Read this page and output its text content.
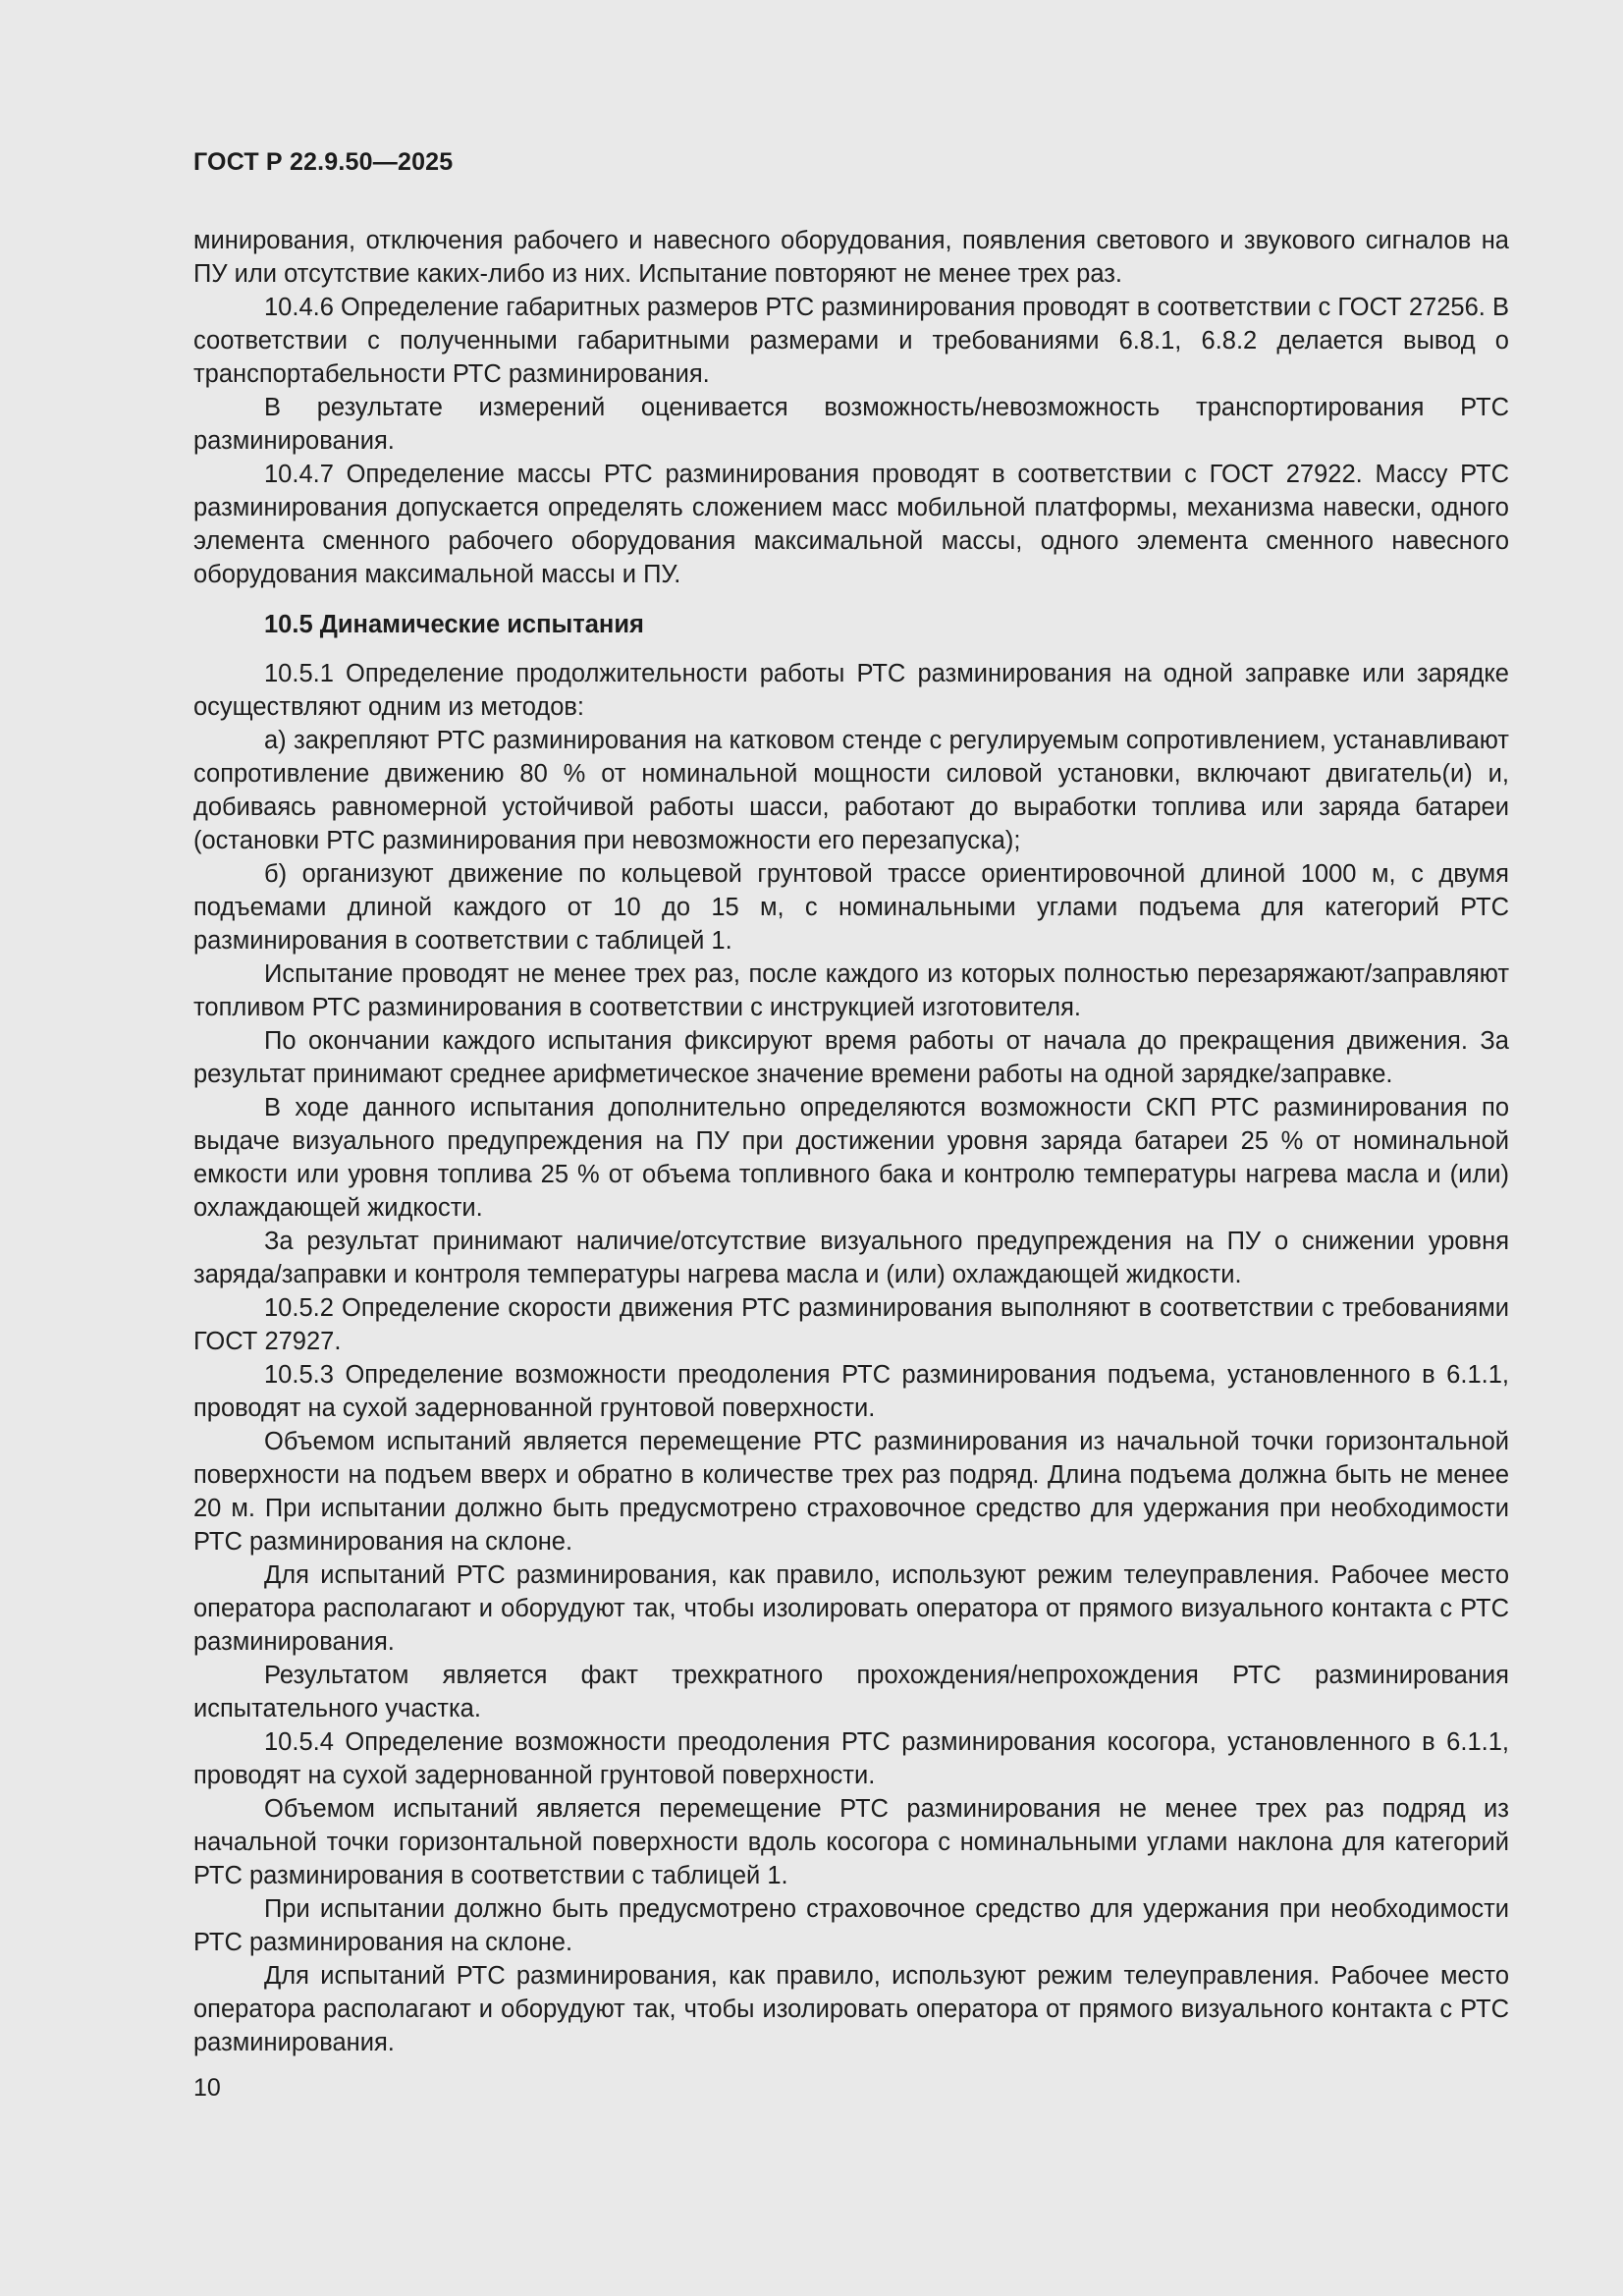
ГОСТ Р 22.9.50—2025

минирования, отключения рабочего и навесного оборудования, появления светового и звукового сигналов на ПУ или отсутствие каких-либо из них. Испытание повторяют не менее трех раз.

10.4.6 Определение габаритных размеров РТС разминирования проводят в соответствии с ГОСТ 27256. В соответствии с полученными габаритными размерами и требованиями 6.8.1, 6.8.2 делается вывод о транспортабельности РТС разминирования.

В результате измерений оценивается возможность/невозможность транспортирования РТС разминирования.

10.4.7 Определение массы РТС разминирования проводят в соответствии с ГОСТ 27922. Массу РТС разминирования допускается определять сложением масс мобильной платформы, механизма навески, одного элемента сменного рабочего оборудования максимальной массы, одного элемента сменного навесного оборудования максимальной массы и ПУ.

10.5 Динамические испытания

10.5.1 Определение продолжительности работы РТС разминирования на одной заправке или зарядке осуществляют одним из методов:

а) закрепляют РТС разминирования на катковом стенде с регулируемым сопротивлением, устанавливают сопротивление движению 80 % от номинальной мощности силовой установки, включают двигатель(и) и, добиваясь равномерной устойчивой работы шасси, работают до выработки топлива или заряда батареи (остановки РТС разминирования при невозможности его перезапуска);

б) организуют движение по кольцевой грунтовой трассе ориентировочной длиной 1000 м, с двумя подъемами длиной каждого от 10 до 15 м, с номинальными углами подъема для категорий РТС разминирования в соответствии с таблицей 1.

Испытание проводят не менее трех раз, после каждого из которых полностью перезаряжают/заправляют топливом РТС разминирования в соответствии с инструкцией изготовителя.

По окончании каждого испытания фиксируют время работы от начала до прекращения движения. За результат принимают среднее арифметическое значение времени работы на одной зарядке/заправке.

В ходе данного испытания дополнительно определяются возможности СКП РТС разминирования по выдаче визуального предупреждения на ПУ при достижении уровня заряда батареи 25 % от номинальной емкости или уровня топлива 25 % от объема топливного бака и контролю температуры нагрева масла и (или) охлаждающей жидкости.

За результат принимают наличие/отсутствие визуального предупреждения на ПУ о снижении уровня заряда/заправки и контроля температуры нагрева масла и (или) охлаждающей жидкости.

10.5.2 Определение скорости движения РТС разминирования выполняют в соответствии с требованиями ГОСТ 27927.

10.5.3 Определение возможности преодоления РТС разминирования подъема, установленного в 6.1.1, проводят на сухой задернованной грунтовой поверхности.

Объемом испытаний является перемещение РТС разминирования из начальной точки горизонтальной поверхности на подъем вверх и обратно в количестве трех раз подряд. Длина подъема должна быть не менее 20 м. При испытании должно быть предусмотрено страховочное средство для удержания при необходимости РТС разминирования на склоне.

Для испытаний РТС разминирования, как правило, используют режим телеуправления. Рабочее место оператора располагают и оборудуют так, чтобы изолировать оператора от прямого визуального контакта с РТС разминирования.

Результатом является факт трехкратного прохождения/непрохождения РТС разминирования испытательного участка.

10.5.4 Определение возможности преодоления РТС разминирования косогора, установленного в 6.1.1, проводят на сухой задернованной грунтовой поверхности.

Объемом испытаний является перемещение РТС разминирования не менее трех раз подряд из начальной точки горизонтальной поверхности вдоль косогора с номинальными углами наклона для категорий РТС разминирования в соответствии с таблицей 1.

При испытании должно быть предусмотрено страховочное средство для удержания при необходимости РТС разминирования на склоне.

Для испытаний РТС разминирования, как правило, используют режим телеуправления. Рабочее место оператора располагают и оборудуют так, чтобы изолировать оператора от прямого визуального контакта с РТС разминирования.

10
